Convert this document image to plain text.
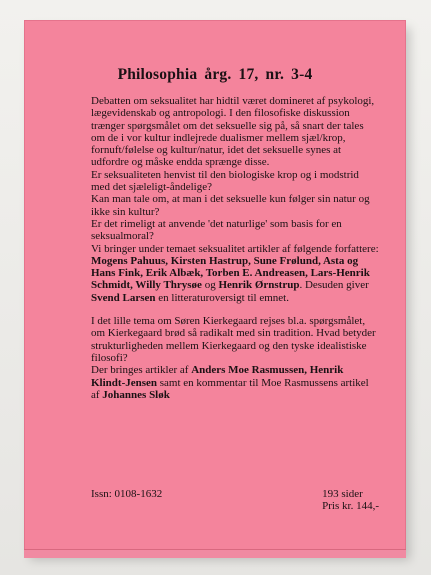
Philosophia årg. 17, nr. 3-4

Debatten om seksualitet har hidtil været domineret af psykologi, lægevidenskab og antropologi. I den filosofiske diskussion trænger spørgsmålet om det seksuelle sig på, så snart der tales om de i vor kultur indlejrede dualismer mellem sjæl/krop, fornuft/følelse og kultur/natur, idet det seksuelle synes at udfordre og måske endda sprænge disse.

Er seksualiteten henvist til den biologiske krop og i modstrid med det sjæleligt-åndelige?

Kan man tale om, at man i det seksuelle kun følger sin natur og ikke sin kultur?

Er det rimeligt at anvende 'det naturlige' som basis for en seksualmoral?

Vi bringer under temaet seksualitet artikler af følgende forfattere: Mogens Pahuus, Kirsten Hastrup, Sune Frølund, Asta og Hans Fink, Erik Albæk, Torben E. Andreasen, Lars-Henrik Schmidt, Willy Thrysøe og Henrik Ørnstrup. Desuden giver Svend Larsen en litteraturoversigt til emnet.

I det lille tema om Søren Kierkegaard rejses bl.a. spørgsmålet, om Kierkegaard brød så radikalt med sin tradition. Hvad betyder strukturligheden mellem Kierkegaard og den tyske idealistiske filosofi?

Der bringes artikler af Anders Moe Rasmussen, Henrik Klindt-Jensen samt en kommentar til Moe Rasmussens artikel af Johannes Sløk

Issn: 0108-1632	193 sider
Pris kr. 144,-
